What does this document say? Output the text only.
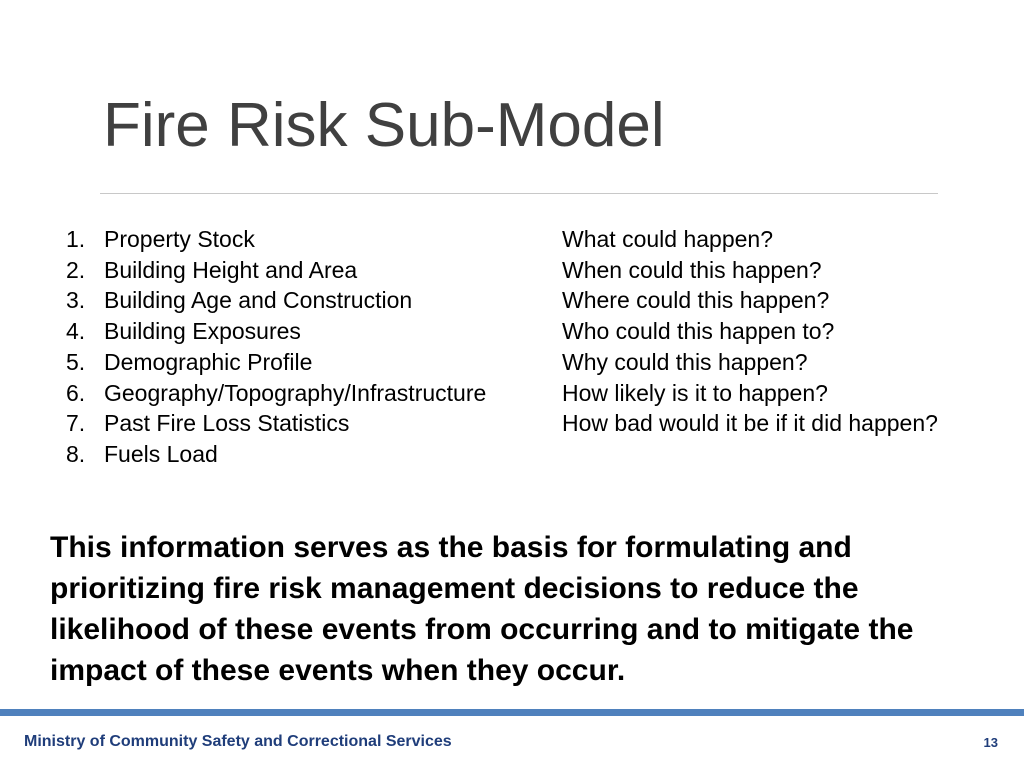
Fire Risk Sub-Model
1. Property Stock
2. Building Height and Area
3. Building Age and Construction
4. Building Exposures
5. Demographic Profile
6. Geography/Topography/Infrastructure
7. Past Fire Loss Statistics
8. Fuels Load
What could happen?
When could this happen?
Where could this happen?
Who could this happen to?
Why could this happen?
How likely is it to happen?
How bad would it be if it did happen?

This information serves as the basis for formulating and prioritizing fire risk management decisions to reduce the likelihood of these events from occurring and to mitigate the impact of these events when they occur.

Ministry of Community Safety and Correctional Services	13
